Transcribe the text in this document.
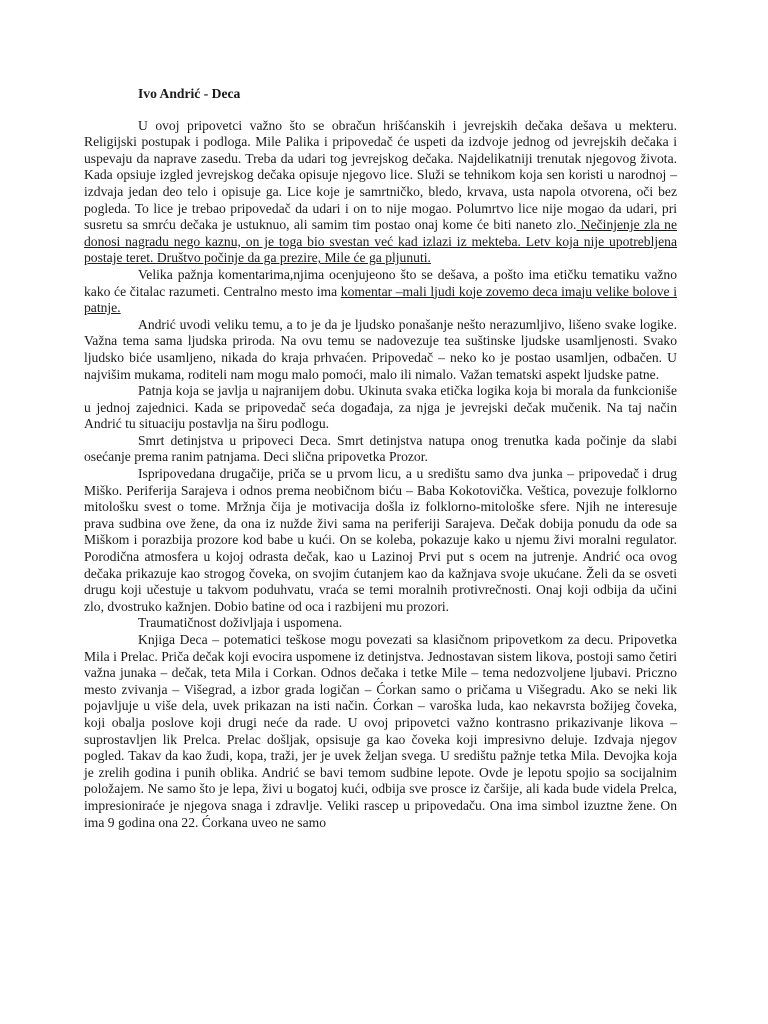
Ivo Andrić - Deca

U ovoj pripovetci važno što se obračun hrišćanskih i jevrejskih dečaka dešava u mekteru. Religijski postupak i podloga. Mile Palika i pripovedač će uspeti da izdvoje jednog od jevrejskih dečaka i uspevaju da naprave zasedu. Treba da udari tog jevrejskog dečaka. Najdelikatniji trenutak njegovog života. Kada opsiuje izgled jevrejskog dečaka opisuje njegovo lice. Služi se tehnikom koja sen koristi u narodnoj – izdvaja jedan deo telo i opisuje ga. Lice koje je samrtničko, bledo, krvava, usta napola otvorena, oči bez pogleda. To lice je trebao pripovedač da udari i on to nije mogao. Polumrtvo lice nije mogao da udari, pri susretu sa smrću dečaka je ustuknuo, ali samim tim postao onaj kome će biti naneto zlo. Nečinjenje zla ne donosi nagradu nego kaznu, on je toga bio svestan već kad izlazi iz mekteba. Letv koja nije upotrebljena postaje teret. Društvo počinje da ga prezire, Mile će ga pljunuti.

Velika pažnja komentarima,njima ocenjujeono što se dešava, a pošto ima etičku tematiku važno kako će čitalac razumeti. Centralno mesto ima komentar –mali ljudi koje zovemo deca imaju velike bolove i patnje.

Andrić uvodi veliku temu, a to je da je ljudsko ponašanje nešto nerazumljivo, lišeno svake logike. Važna tema sama ljudska priroda. Na ovu temu se nadovezuje tea suštinske ljudske usamljenosti. Svako ljudsko biće usamljeno, nikada do kraja prhvaćen. Pripovedač – neko ko je postao usamljen, odbačen. U najvišim mukama, roditeli nam mogu malo pomoći, malo ili nimalo. Važan tematski aspekt ljudske patne.

Patnja koja se javlja u najranijem dobu. Ukinuta svaka etička logika koja bi morala da funkcioniše u jednoj zajednici. Kada se pripovedač seća događaja, za njga je jevrejski dečak mučenik. Na taj način Andrić tu situaciju postavlja na širu podlogu.

Smrt detinjstva u pripoveci Deca. Smrt detinjstva natupa onog trenutka kada počinje da slabi osećanje prema ranim patnjama. Deci slična pripovetka Prozor.

Ispripovedana drugačije, priča se u prvom licu, a u središtu samo dva junka – pripovedač i drug Miško. Periferija Sarajeva i odnos prema neobičnom biću – Baba Kokotovička. Veštica, povezuje folklorno mitološku svest o tome. Mržnja čija je motivacija došla iz folklorno-mitološke sfere. Njih ne interesuje prava sudbina ove žene, da ona iz nužde živi sama na periferiji Sarajeva. Dečak dobija ponudu da ode sa Miškom i porazbija prozore kod babe u kući. On se koleba, pokazuje kako u njemu živi moralni regulator. Porodična atmosfera u kojoj odrasta dečak, kao u Lazinoj Prvi put s ocem na jutrenje. Andrić oca ovog dečaka prikazuje kao strogog čoveka, on svojim ćutanjem kao da kažnjava svoje ukućane. Želi da se osveti drugu koji učestuje u takvom poduhvatu, vraća se temi moralnih protivrečnosti. Onaj koji odbija da učini zlo, dvostruko kažnjen. Dobio batine od oca i razbijeni mu prozori.

Traumatičnost doživljaja i uspomena.

Knjiga Deca – potematici teškose mogu povezati sa klasičnom pripovetkom za decu. Pripovetka Mila i Prelac. Priča dečak koji evocira uspomene iz detinjstva. Jednostavan sistem likova, postoji samo četiri važna junaka – dečak, teta Mila i Corkan. Odnos dečaka i tetke Mile – tema nedozvoljene ljubavi. Priczno mesto zvivanja – Višegrad, a izbor grada logičan – Ćorkan samo o pričama u Višegradu. Ako se neki lik pojavljuje u više dela, uvek prikazan na isti način. Ćorkan – varoška luda, kao nekavrsta božijeg čoveka, koji obalja poslove koji drugi neće da rade. U ovoj pripovetci važno kontrasno prikazivanje likova – suprostavljen lik Prelca. Prelac došljak, opsisuje ga kao čoveka koji impresivno deluje. Izdvaja njegov pogled. Takav da kao žudi, kopa, traži, jer je uvek željan svega. U središtu pažnje tetka Mila. Devojka koja je zrelih godina i punih oblika. Andrić se bavi temom sudbine lepote. Ovde je lepotu spojio sa socijalnim položajem. Ne samo što je lepa, živi u bogatoj kući, odbija sve prosce iz čaršije, ali kada bude videla Prelca, impresioniraće je njegova snaga i zdravlje. Veliki rascep u pripovedaču. Ona ima simbol izuztne žene. On ima 9 godina ona 22. Ćorkana uveo ne samo
